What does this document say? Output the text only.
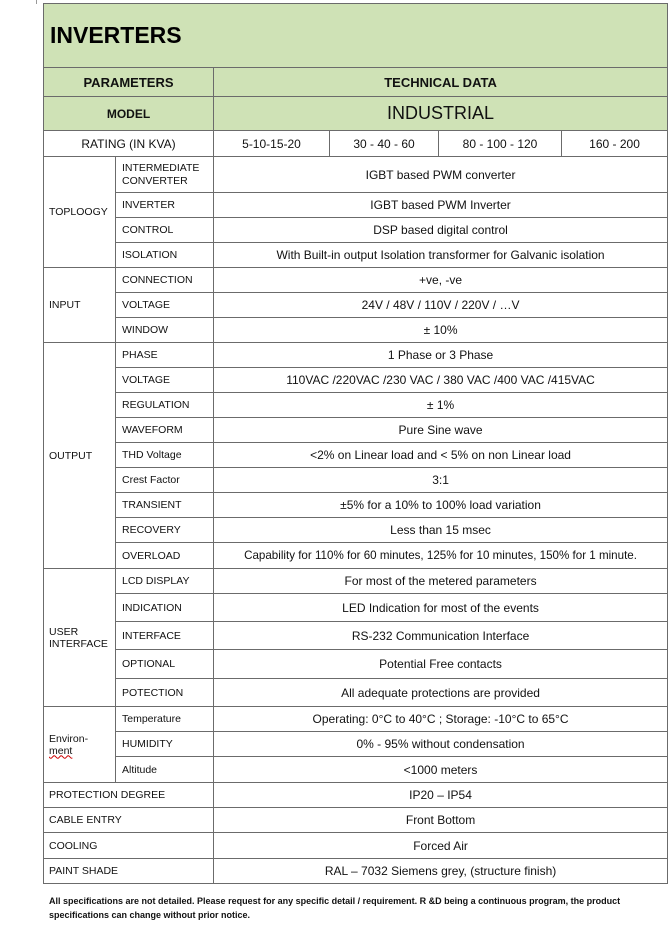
INVERTERS					
PARAMETERS		TECHNICAL DATA			
MODEL		INDUSTRIAL			
RATING (IN KVA)		5-10-15-20	30 - 40 - 60	80 - 100 - 120	160 - 200
TOPLOOGY	INTERMEDIATE CONVERTER	IGBT based PWM converter			
	INVERTER	IGBT based PWM Inverter			
	CONTROL	DSP based digital control			
	ISOLATION	With Built-in output Isolation transformer for Galvanic isolation			
INPUT	CONNECTION	+ve, -ve			
	VOLTAGE	24V / 48V / 110V / 220V / …V			
	WINDOW	± 10%			
OUTPUT	PHASE	1 Phase or 3 Phase			
	VOLTAGE	110VAC /220VAC /230 VAC / 380 VAC /400 VAC /415VAC			
	REGULATION	± 1%			
	WAVEFORM	Pure Sine wave			
	THD Voltage	<2% on Linear load and < 5% on non Linear load			
	Crest Factor	3:1			
	TRANSIENT	±5% for a 10% to 100% load variation			
	RECOVERY	Less than 15 msec			
	OVERLOAD	Capability for 110% for 60 minutes, 125% for 10 minutes, 150% for 1 minute.			
USER
INTERFACE	LCD DISPLAY	For most of the metered parameters			
	INDICATION	LED Indication for most of the events			
	INTERFACE	RS-232 Communication Interface			
	OPTIONAL	Potential Free contacts			
	POTECTION	All adequate protections are provided			
Environ-
ment	Temperature	Operating: 0°C to 40°C ; Storage: -10°C to 65°C			
	HUMIDITY	0% - 95% without condensation			
	Altitude	<1000 meters			
PROTECTION DEGREE		IP20 – IP54			
CABLE ENTRY		Front Bottom			
COOLING		Forced Air			
PAINT SHADE		RAL – 7032 Siemens grey, (structure finish)			
All specifications are not detailed. Please request for any specific detail / requirement. R &D being a continuous program, the product specifications can change without prior notice.
